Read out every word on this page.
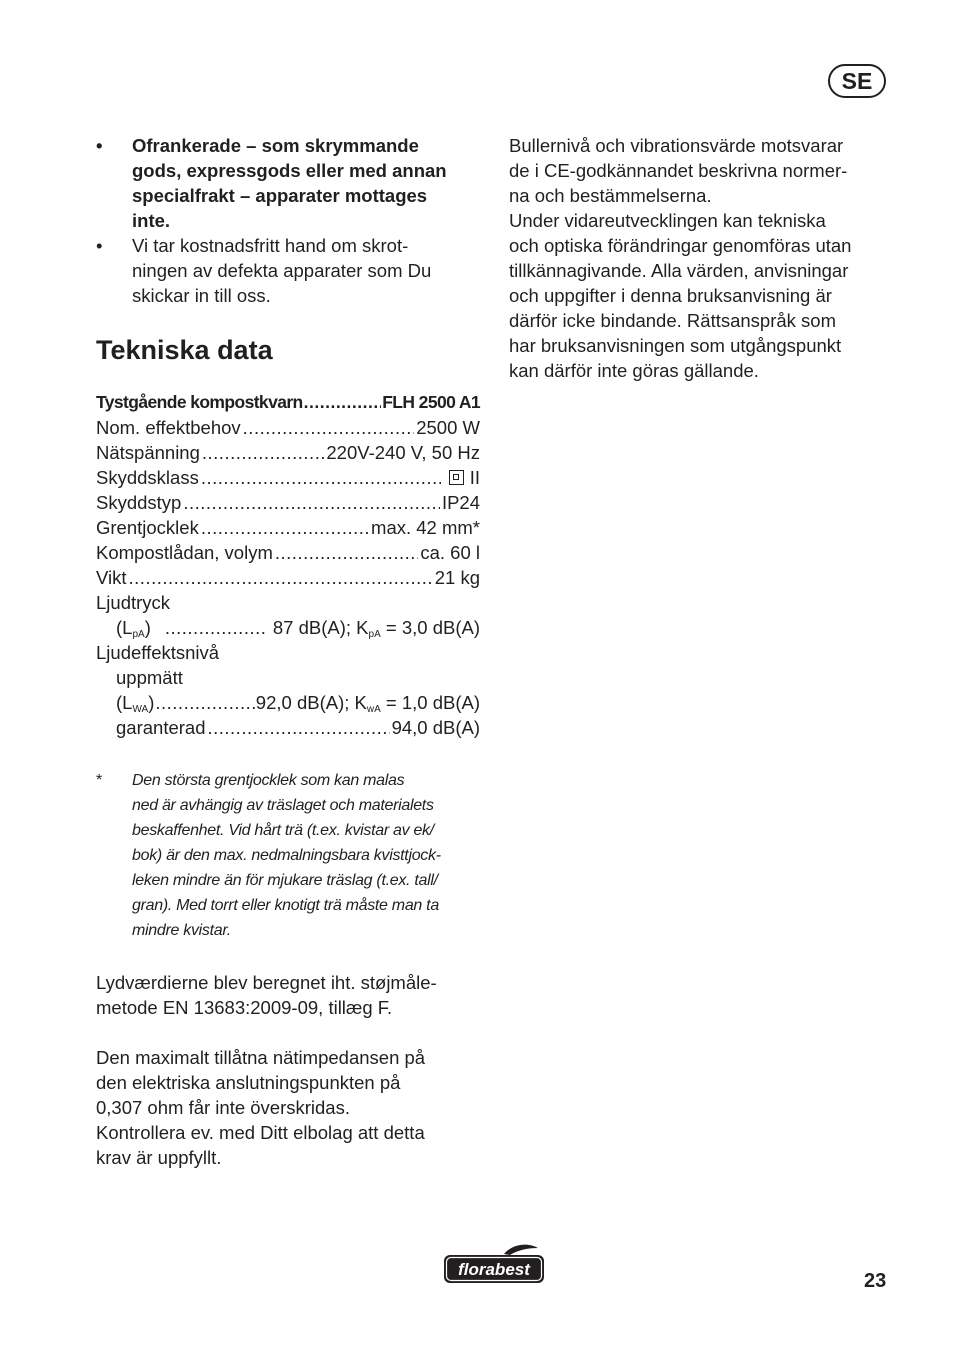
SE
• Ofrankerade – som skrymmande
gods, expressgods eller med annan
specialfrakt – apparater mottages
inte.
• Vi tar kostnadsfritt hand om skrot-
ningen av defekta apparater som Du
skickar in till oss.
Tekniska data
Tystgående kompostkvarn .....	FLH 2500 A1
Nom. effektbehov .....	2500 W
Nätspänning .....	220V-240 V, 50 Hz
Skyddsklass .....	II
Skyddstyp .....	IP24
Grentjocklek .....	max. 42 mm*
Kompostlådan, volym .....	ca. 60 l
Vikt .....	21 kg
Ljudtryck
$(L_{pA})$ .....	87 dB(A); $K_{pA} = 3,0$ dB(A)
Ljudeffektsnivå
uppmätt
$(L_{WA})$ .....	92,0 dB(A); $K_{wA} = 1,0$ dB(A)
garanterad .....	94,0 dB(A)
* Den största grentjocklek som kan malas
ned är avhängig av träslaget och materialets
beskaffenhet. Vid hårt trä (t.ex. kvistar av ek/
bok) är den max. nedmalningsbara kvisttjock-
leken mindre än för mjukare träslag (t.ex. tall/
gran). Med torrt eller knotigt trä måste man ta
mindre kvistar.
Lydværdierne blev beregnet iht. støjmåle-
metode EN 13683:2009-09, tillæg F.
Den maximalt tillåtna nätimpedansen på
den elektriska anslutningspunkten på
0,307 ohm får inte överskridas.
Kontrollera ev. med Ditt elbolag att detta
krav är uppfyllt.
Bullernivå och vibrationsvärde motsvarar
de i CE-godkännandet beskrivna normer-
na och bestämmelserna.
Under vidareutvecklingen kan tekniska
och optiska förändringar genomföras utan
tillkännagivande. Alla värden, anvisningar
och uppgifter i denna bruksanvisning är
därför icke bindande. Rättsanspråk som
har bruksanvisningen som utgångspunkt
kan därför inte göras gällande.
florabest
23
